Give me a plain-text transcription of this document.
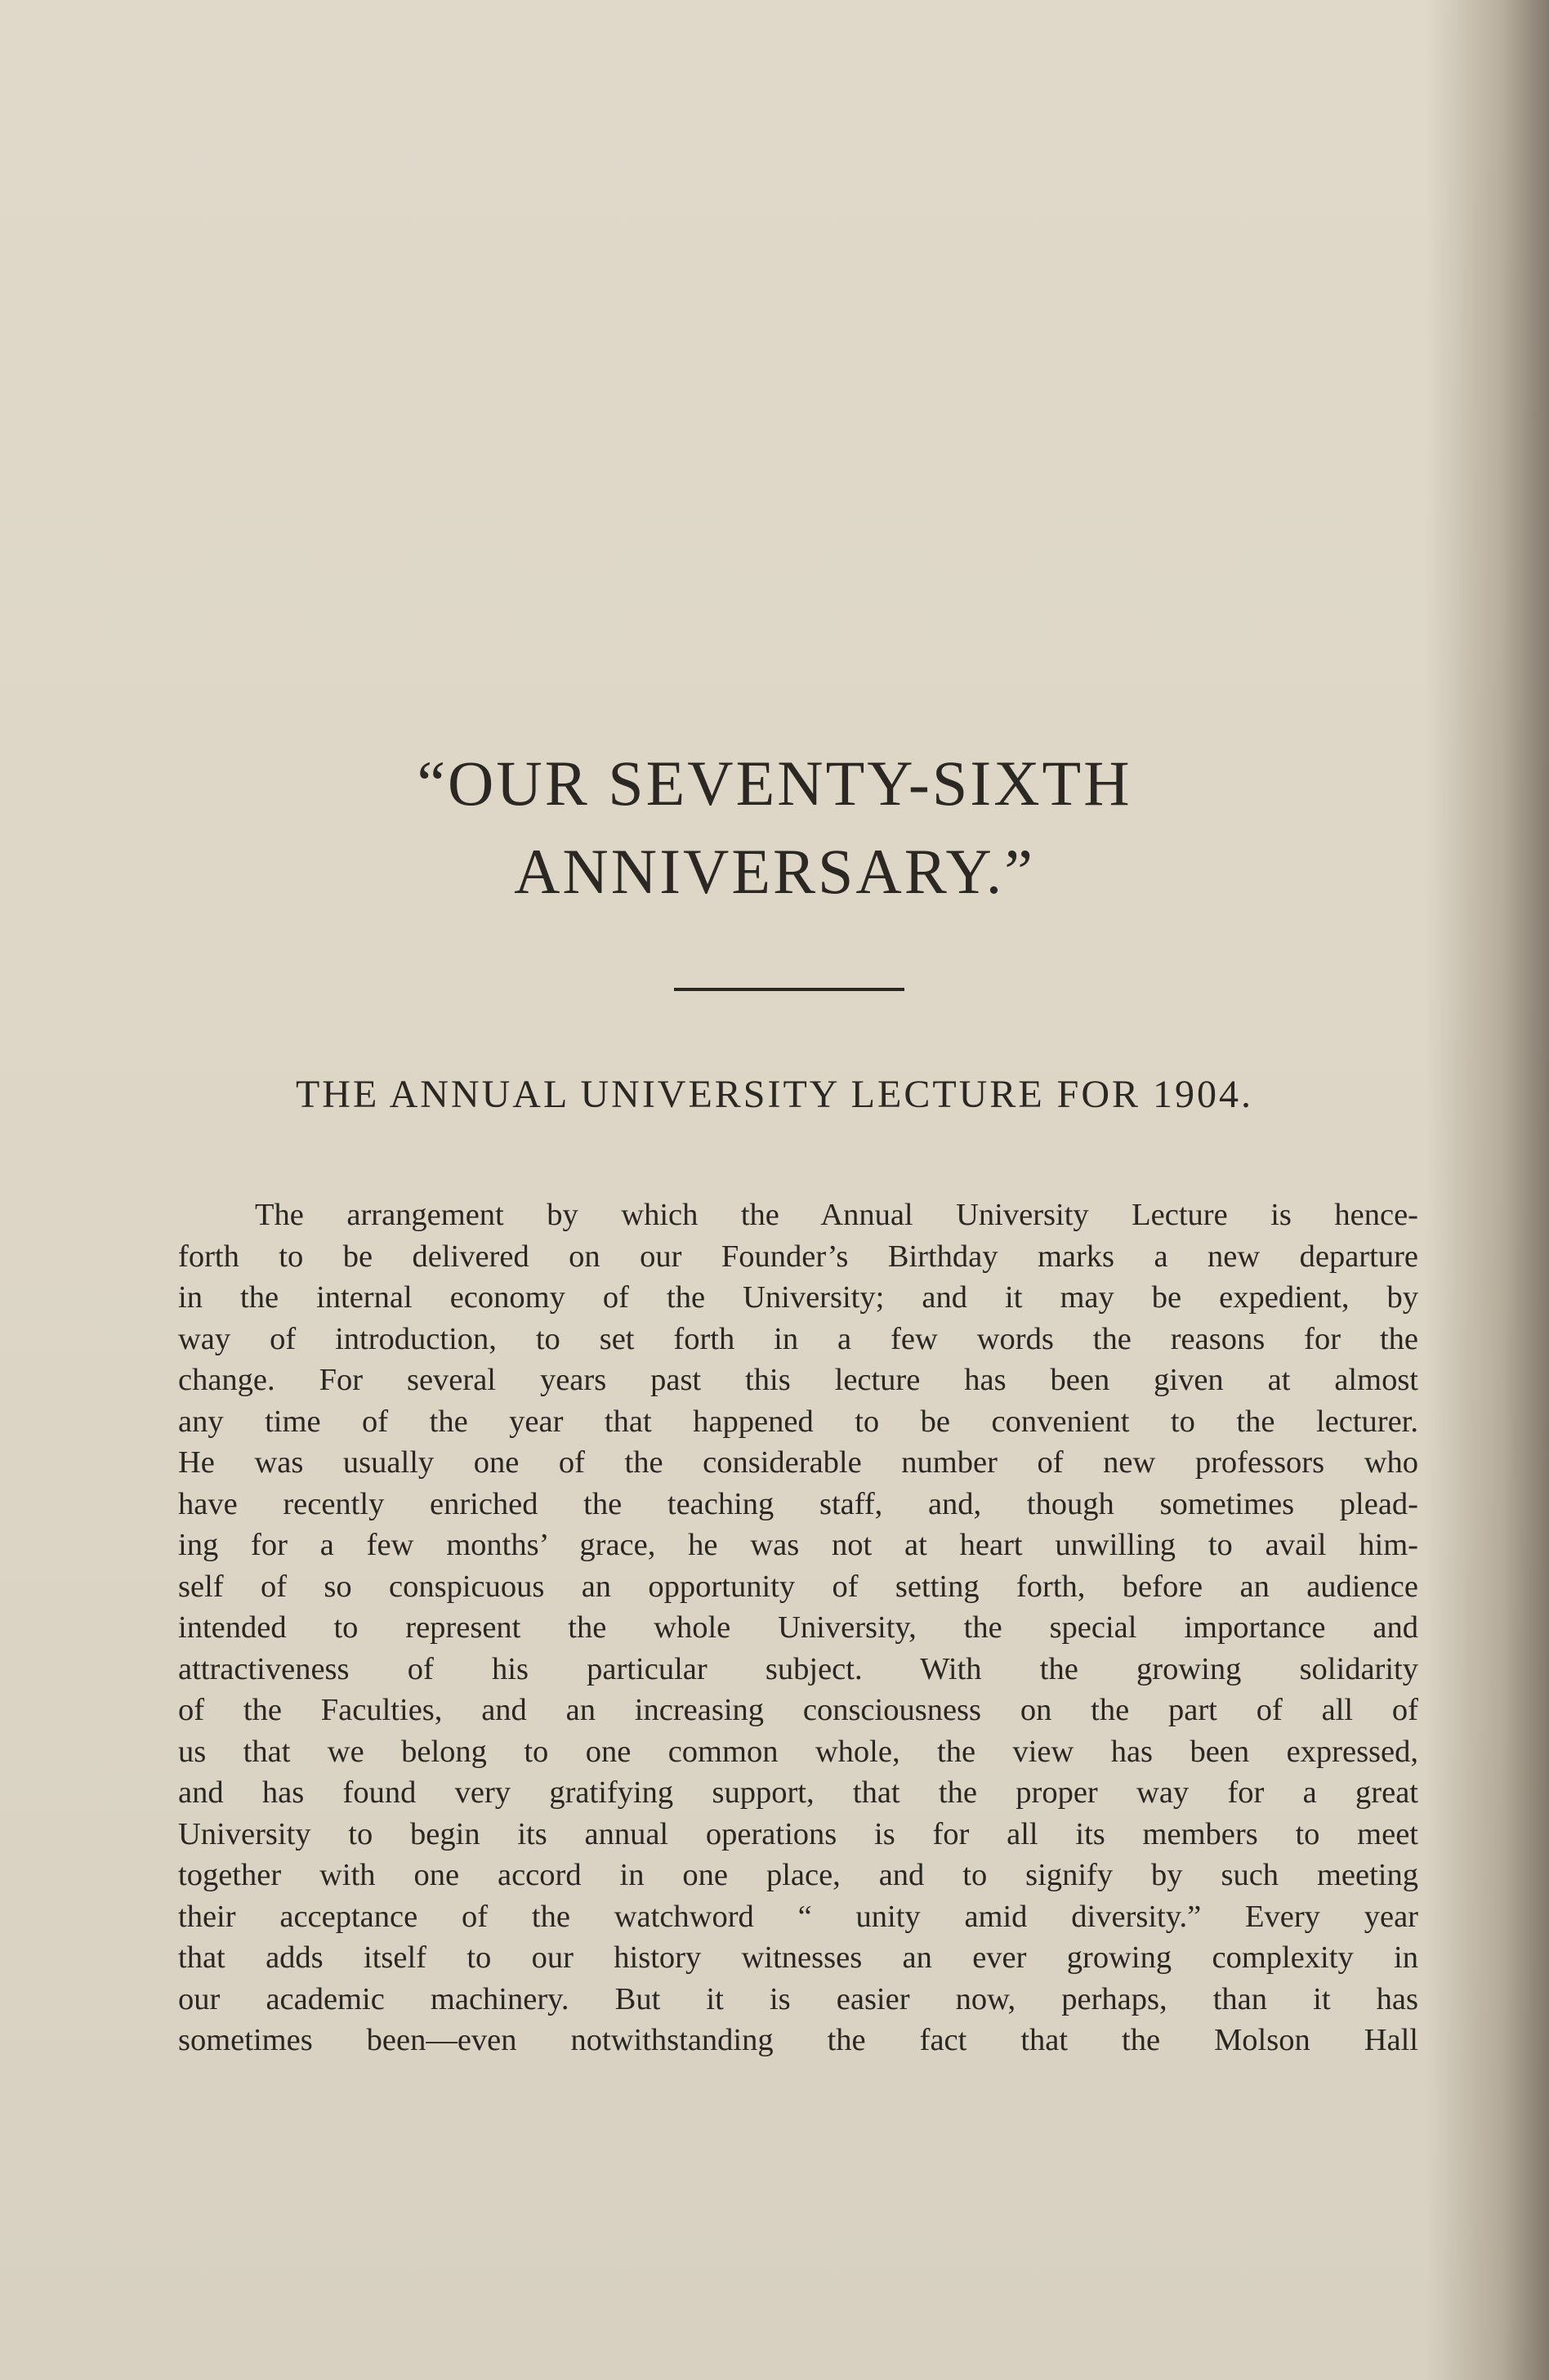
“OUR SEVENTY-SIXTH
ANNIVERSARY.”
THE ANNUAL UNIVERSITY LECTURE FOR 1904.
The arrangement by which the Annual University Lecture is hence-
forth to be delivered on our Founder’s Birthday marks a new departure
in the internal economy of the University; and it may be expedient, by
way of introduction, to set forth in a few words the reasons for the
change. For several years past this lecture has been given at almost
any time of the year that happened to be convenient to the lecturer.
He was usually one of the considerable number of new professors who
have recently enriched the teaching staff, and, though sometimes plead-
ing for a few months’ grace, he was not at heart unwilling to avail him-
self of so conspicuous an opportunity of setting forth, before an audience
intended to represent the whole University, the special importance and
attractiveness of his particular subject. With the growing solidarity
of the Faculties, and an increasing consciousness on the part of all of
us that we belong to one common whole, the view has been expressed,
and has found very gratifying support, that the proper way for a great
University to begin its annual operations is for all its members to meet
together with one accord in one place, and to signify by such meeting
their acceptance of the watchword “ unity amid diversity.” Every year
that adds itself to our history witnesses an ever growing complexity in
our academic machinery. But it is easier now, perhaps, than it has
sometimes been—even notwithstanding the fact that the Molson Hall
